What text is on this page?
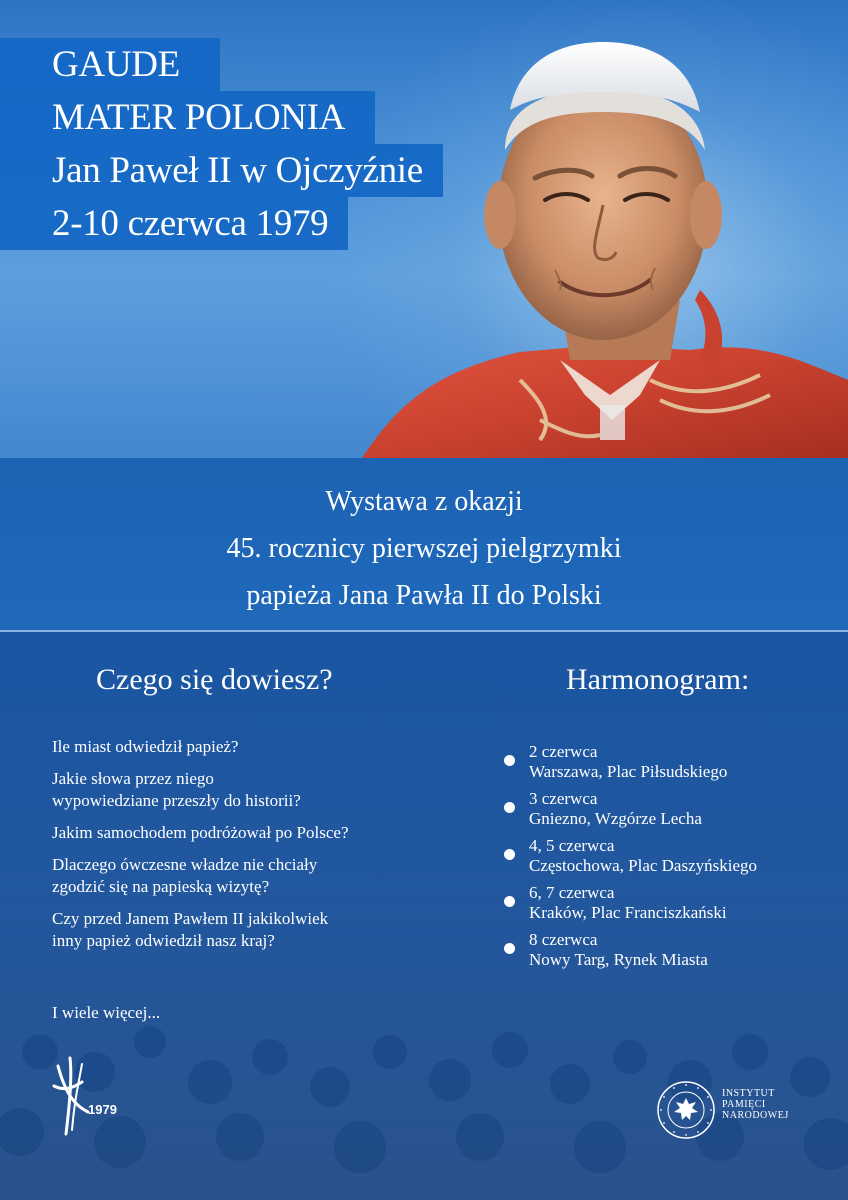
GAUDE
MATER POLONIA
Jan Paweł II w Ojczyźnie
2-10 czerwca 1979
Wystawa z okazji
45. rocznicy pierwszej pielgrzymki
papieża Jana Pawła II do Polski
Czego się dowiesz?	Harmonogram:
Ile miast odwiedził papież?
Jakie słowa przez niego
wypowiedziane przeszły do historii?
Jakim samochodem podróżował po Polsce?
Dlaczego ówczesne władze nie chciały
zgodzić się na papieską wizytę?
Czy przed Janem Pawłem II jakikolwiek
inny papież odwiedził nasz kraj?
I wiele więcej...
2 czerwca
Warszawa, Plac Piłsudskiego
3 czerwca
Gniezno, Wzgórze Lecha
4, 5 czerwca
Częstochowa, Plac Daszyńskiego
6, 7 czerwca
Kraków, Plac Franciszkański
8 czerwca
Nowy Targ, Rynek Miasta
1979
INSTYTUT
PAMIĘCI
NARODOWEJ
